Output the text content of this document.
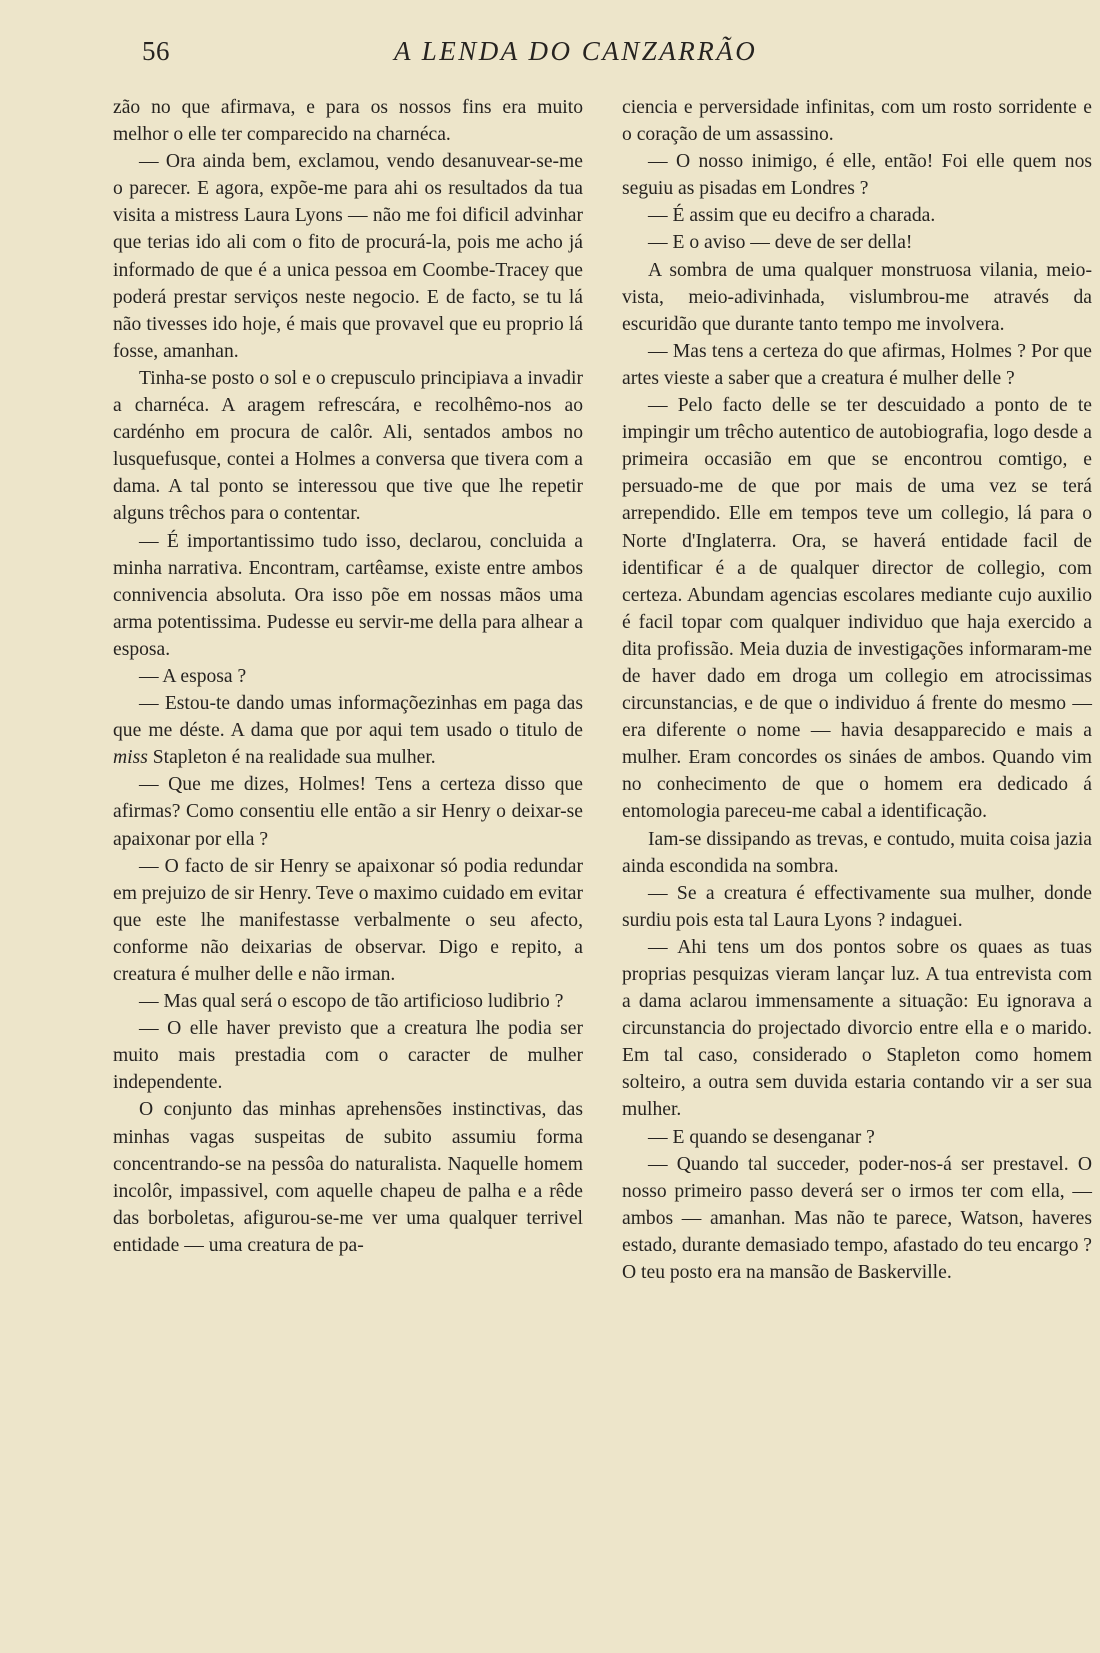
56	A LENDA DO CANZARRÃO

zão no que afirmava, e para os nossos fins era muito melhor o elle ter comparecido na charnéca.

— Ora ainda bem, exclamou, vendo desanuvear-se-me o parecer. E agora, expõe-me para ahi os resultados da tua visita a mistress Laura Lyons — não me foi dificil advinhar que terias ido ali com o fito de procurá-la, pois me acho já informado de que é a unica pessoa em Coombe-Tracey que poderá prestar serviços neste negocio. E de facto, se tu lá não tivesses ido hoje, é mais que provavel que eu proprio lá fosse, amanhan.

Tinha-se posto o sol e o crepusculo principiava a invadir a charnéca. A aragem refrescára, e recolhêmo-nos ao cardénho em procura de calôr. Ali, sentados ambos no lusquefusque, contei a Holmes a conversa que tivera com a dama. A tal ponto se interessou que tive que lhe repetir alguns trêchos para o contentar.

— É importantissimo tudo isso, declarou, concluida a minha narrativa. Encontram, cartêamse, existe entre ambos connivencia absoluta. Ora isso põe em nossas mãos uma arma potentissima. Pudesse eu servir-me della para alhear a esposa.

— A esposa ?

— Estou-te dando umas informaçõezinhas em paga das que me déste. A dama que por aqui tem usado o titulo de miss Stapleton é na realidade sua mulher.

— Que me dizes, Holmes! Tens a certeza disso que afirmas? Como consentiu elle então a sir Henry o deixar-se apaixonar por ella ?

— O facto de sir Henry se apaixonar só podia redundar em prejuizo de sir Henry. Teve o maximo cuidado em evitar que este lhe manifestasse verbalmente o seu afecto, conforme não deixarias de observar. Digo e repito, a creatura é mulher delle e não irman.

— Mas qual será o escopo de tão artificioso ludibrio ?

— O elle haver previsto que a creatura lhe podia ser muito mais prestadia com o caracter de mulher independente.

O conjunto das minhas aprehensões instinctivas, das minhas vagas suspeitas de subito assumiu forma concentrando-se na pessôa do naturalista. Naquelle homem incolôr, impassivel, com aquelle chapeu de palha e a rêde das borboletas, afigurou-se-me ver uma qualquer terrivel entidade — uma creatura de pa-

ciencia e perversidade infinitas, com um rosto sorridente e o coração de um assassino.

— O nosso inimigo, é elle, então! Foi elle quem nos seguiu as pisadas em Londres ?

— É assim que eu decifro a charada.

— E o aviso — deve de ser della!

A sombra de uma qualquer monstruosa vilania, meio-vista, meio-adivinhada, vislumbrou-me através da escuridão que durante tanto tempo me involvera.

— Mas tens a certeza do que afirmas, Holmes ? Por que artes vieste a saber que a creatura é mulher delle ?

— Pelo facto delle se ter descuidado a ponto de te impingir um trêcho autentico de autobiografia, logo desde a primeira occasião em que se encontrou comtigo, e persuado-me de que por mais de uma vez se terá arrependido. Elle em tempos teve um collegio, lá para o Norte d'Inglaterra. Ora, se haverá entidade facil de identificar é a de qualquer director de collegio, com certeza. Abundam agencias escolares mediante cujo auxilio é facil topar com qualquer individuo que haja exercido a dita profissão. Meia duzia de investigações informaram-me de haver dado em droga um collegio em atrocissimas circunstancias, e de que o individuo á frente do mesmo — era diferente o nome — havia desapparecido e mais a mulher. Eram concordes os sináes de ambos. Quando vim no conhecimento de que o homem era dedicado á entomologia pareceu-me cabal a identificação.

Iam-se dissipando as trevas, e contudo, muita coisa jazia ainda escondida na sombra.

— Se a creatura é effectivamente sua mulher, donde surdiu pois esta tal Laura Lyons ? indaguei.

— Ahi tens um dos pontos sobre os quaes as tuas proprias pesquizas vieram lançar luz. A tua entrevista com a dama aclarou immensamente a situação: Eu ignorava a circunstancia do projectado divorcio entre ella e o marido. Em tal caso, considerado o Stapleton como homem solteiro, a outra sem duvida estaria contando vir a ser sua mulher.

— E quando se desenganar ?

— Quando tal succeder, poder-nos-á ser prestavel. O nosso primeiro passo deverá ser o irmos ter com ella, — ambos — amanhan. Mas não te parece, Watson, haveres estado, durante demasiado tempo, afastado do teu encargo ? O teu posto era na mansão de Baskerville.
